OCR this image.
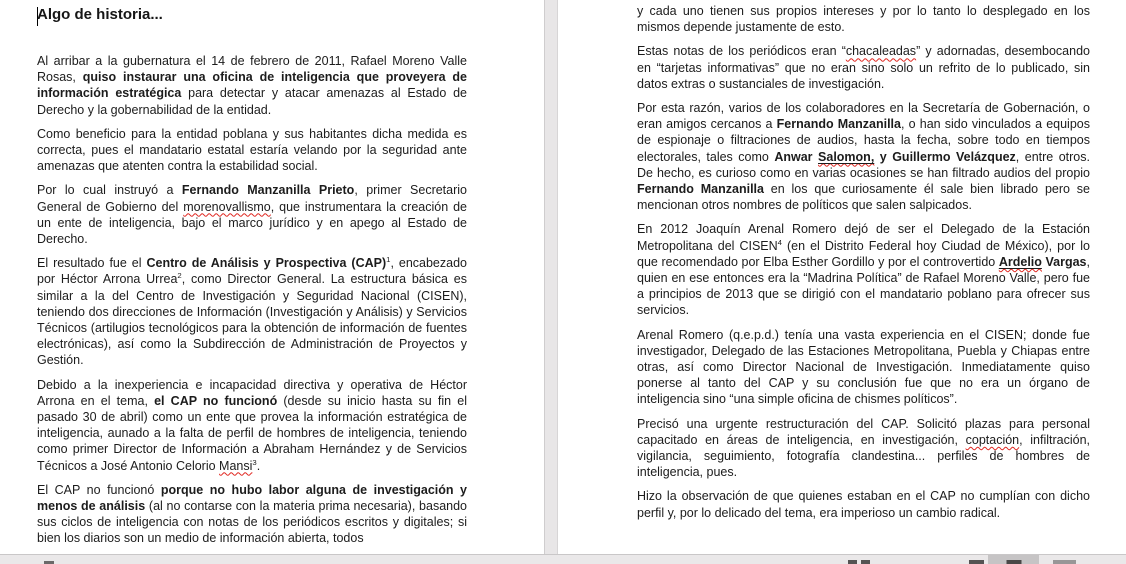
Algo de historia...

Al arribar a la gubernatura el 14 de febrero de 2011, Rafael Moreno Valle Rosas, quiso instaurar una oficina de inteligencia que proveyera de información estratégica para detectar y atacar amenazas al Estado de Derecho y la gobernabilidad de la entidad.

Como beneficio para la entidad poblana y sus habitantes dicha medida es correcta, pues el mandatario estatal estaría velando por la seguridad ante amenazas que atenten contra la estabilidad social.

Por lo cual instruyó a Fernando Manzanilla Prieto, primer Secretario General de Gobierno del morenovallismo, que instrumentara la creación de un ente de inteligencia, bajo el marco jurídico y en apego al Estado de Derecho.

El resultado fue el Centro de Análisis y Prospectiva (CAP)$^1$, encabezado por Héctor Arrona Urrea$^2$, como Director General. La estructura básica es similar a la del Centro de Investigación y Seguridad Nacional (CISEN), teniendo dos direcciones de Información (Investigación y Análisis) y Servicios Técnicos (artilugios tecnológicos para la obtención de información de fuentes electrónicas), así como la Subdirección de Administración de Proyectos y Gestión.

Debido a la inexperiencia e incapacidad directiva y operativa de Héctor Arrona en el tema, el CAP no funcionó (desde su inicio hasta su fin el pasado 30 de abril) como un ente que provea la información estratégica de inteligencia, aunado a la falta de perfil de hombres de inteligencia, teniendo como primer Director de Información a Abraham Hernández y de Servicios Técnicos a José Antonio Celorio Mansi$^3$.

El CAP no funcionó porque no hubo labor alguna de investigación y menos de análisis (al no contarse con la materia prima necesaria), basando sus ciclos de inteligencia con notas de los periódicos escritos y digitales; si bien los diarios son un medio de información abierta, todos

y cada uno tienen sus propios intereses y por lo tanto lo desplegado en los mismos depende justamente de esto.

Estas notas de los periódicos eran “chacaleadas” y adornadas, desembocando en “tarjetas informativas” que no eran sino solo un refrito de lo publicado, sin datos extras o sustanciales de investigación.

Por esta razón, varios de los colaboradores en la Secretaría de Gobernación, o eran amigos cercanos a Fernando Manzanilla, o han sido vinculados a equipos de espionaje o filtraciones de audios, hasta la fecha, sobre todo en tiempos electorales, tales como Anwar Salomon, y Guillermo Velázquez, entre otros. De hecho, es curioso como en varias ocasiones se han filtrado audios del propio Fernando Manzanilla en los que curiosamente él sale bien librado pero se mencionan otros nombres de políticos que salen salpicados.

En 2012 Joaquín Arenal Romero dejó de ser el Delegado de la Estación Metropolitana del CISEN$^4$ (en el Distrito Federal hoy Ciudad de México), por lo que recomendado por Elba Esther Gordillo y por el controvertido Ardelio Vargas, quien en ese entonces era la “Madrina Política” de Rafael Moreno Valle, pero fue a principios de 2013 que se dirigió con el mandatario poblano para ofrecer sus servicios.

Arenal Romero (q.e.p.d.) tenía una vasta experiencia en el CISEN; donde fue investigador, Delegado de las Estaciones Metropolitana, Puebla y Chiapas entre otras, así como Director Nacional de Investigación. Inmediatamente quiso ponerse al tanto del CAP y su conclusión fue que no era un órgano de inteligencia sino “una simple oficina de chismes políticos”.

Precisó una urgente restructuración del CAP. Solicitó plazas para personal capacitado en áreas de inteligencia, en investigación, coptación, infiltración, vigilancia, seguimiento, fotografía clandestina... perfiles de hombres de inteligencia, pues.

Hizo la observación de que quienes estaban en el CAP no cumplían con dicho perfil y, por lo delicado del tema, era imperioso un cambio radical.
